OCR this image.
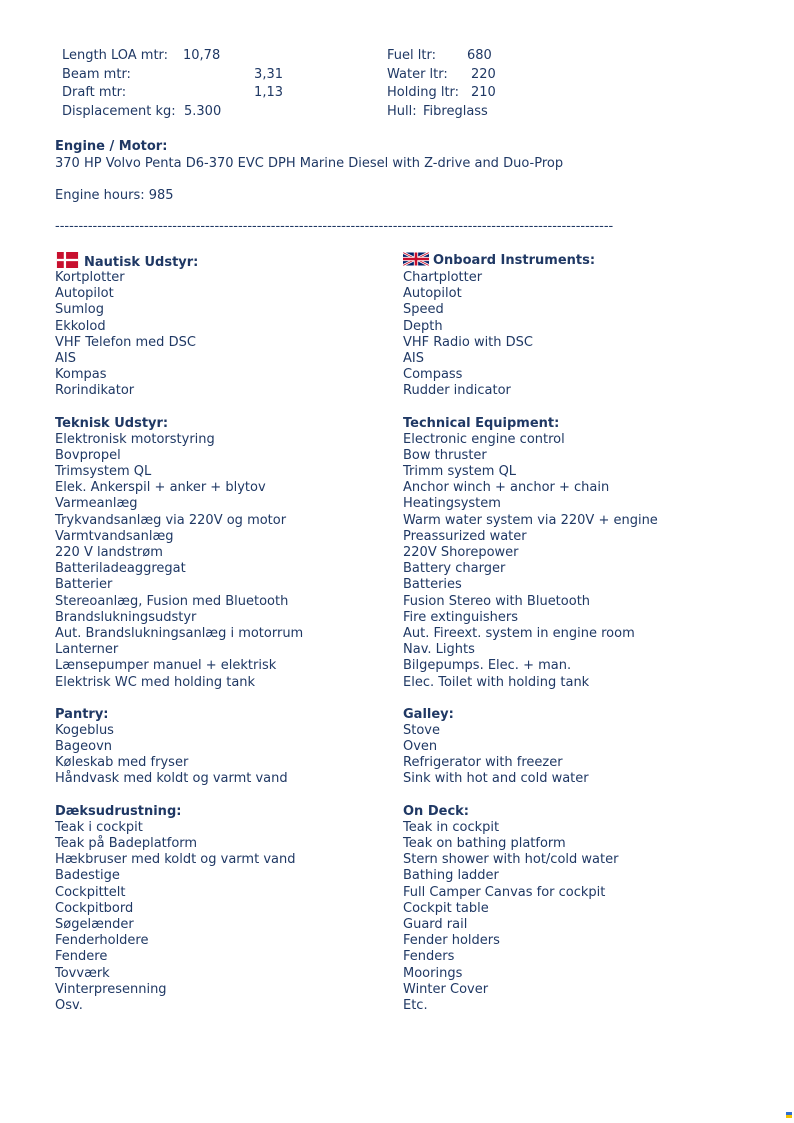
Length LOA mtr: 10,78
Beam mtr:	3,31
Draft mtr:	1,13
Displacement kg: 5.300
Fuel ltr: 680
Water ltr: 220
Holding ltr: 210
Hull: Fibreglass
Engine / Motor:
370 HP Volvo Penta D6-370 EVC DPH Marine Diesel with Z-drive and Duo-Prop
Engine hours: 985
-----------------------------------------------------------------------------------------------------------------------
Nautisk Udstyr:
Kortplotter
Autopilot
Sumlog
Ekkolod
VHF Telefon med DSC
AIS
Kompas
Rorindikator
Teknisk Udstyr:
Elektronisk motorstyring
Bovpropel
Trimsystem QL
Elek. Ankerspil + anker + blytov
Varmeanlæg
Trykvandsanlæg via 220V og motor
Varmtvandsanlæg
220 V landstrøm
Batteriladeaggregat
Batterier
Stereoanlæg, Fusion med Bluetooth
Brandslukningsudstyr
Aut. Brandslukningsanlæg i motorrum
Lanterner
Lænsepumper manuel + elektrisk
Elektrisk WC med holding tank
Pantry:
Kogeblus
Bageovn
Køleskab med fryser
Håndvask med koldt og varmt vand
Dæksudrustning:
Teak i cockpit
Teak på Badeplatform
Hækbruser med koldt og varmt vand
Badestige
Cockpittelt
Cockpitbord
Søgelænder
Fenderholdere
Fendere
Tovværk
Vinterpresenning
Osv.
Onboard Instruments:
Chartplotter
Autopilot
Speed
Depth
VHF Radio with DSC
AIS
Compass
Rudder indicator
Technical Equipment:
Electronic engine control
Bow thruster
Trimm system QL
Anchor winch + anchor + chain
Heatingsystem
Warm water system via 220V + engine
Preassurized water
220V Shorepower
Battery charger
Batteries
Fusion Stereo with Bluetooth
Fire extinguishers
Aut. Fireext. system in engine room
Nav. Lights
Bilgepumps. Elec. + man.
Elec. Toilet with holding tank
Galley:
Stove
Oven
Refrigerator with freezer
Sink with hot and cold water
On Deck:
Teak in cockpit
Teak on bathing platform
Stern shower with hot/cold water
Bathing ladder
Full Camper Canvas for cockpit
Cockpit table
Guard rail
Fender holders
Fenders
Moorings
Winter Cover
Etc.
